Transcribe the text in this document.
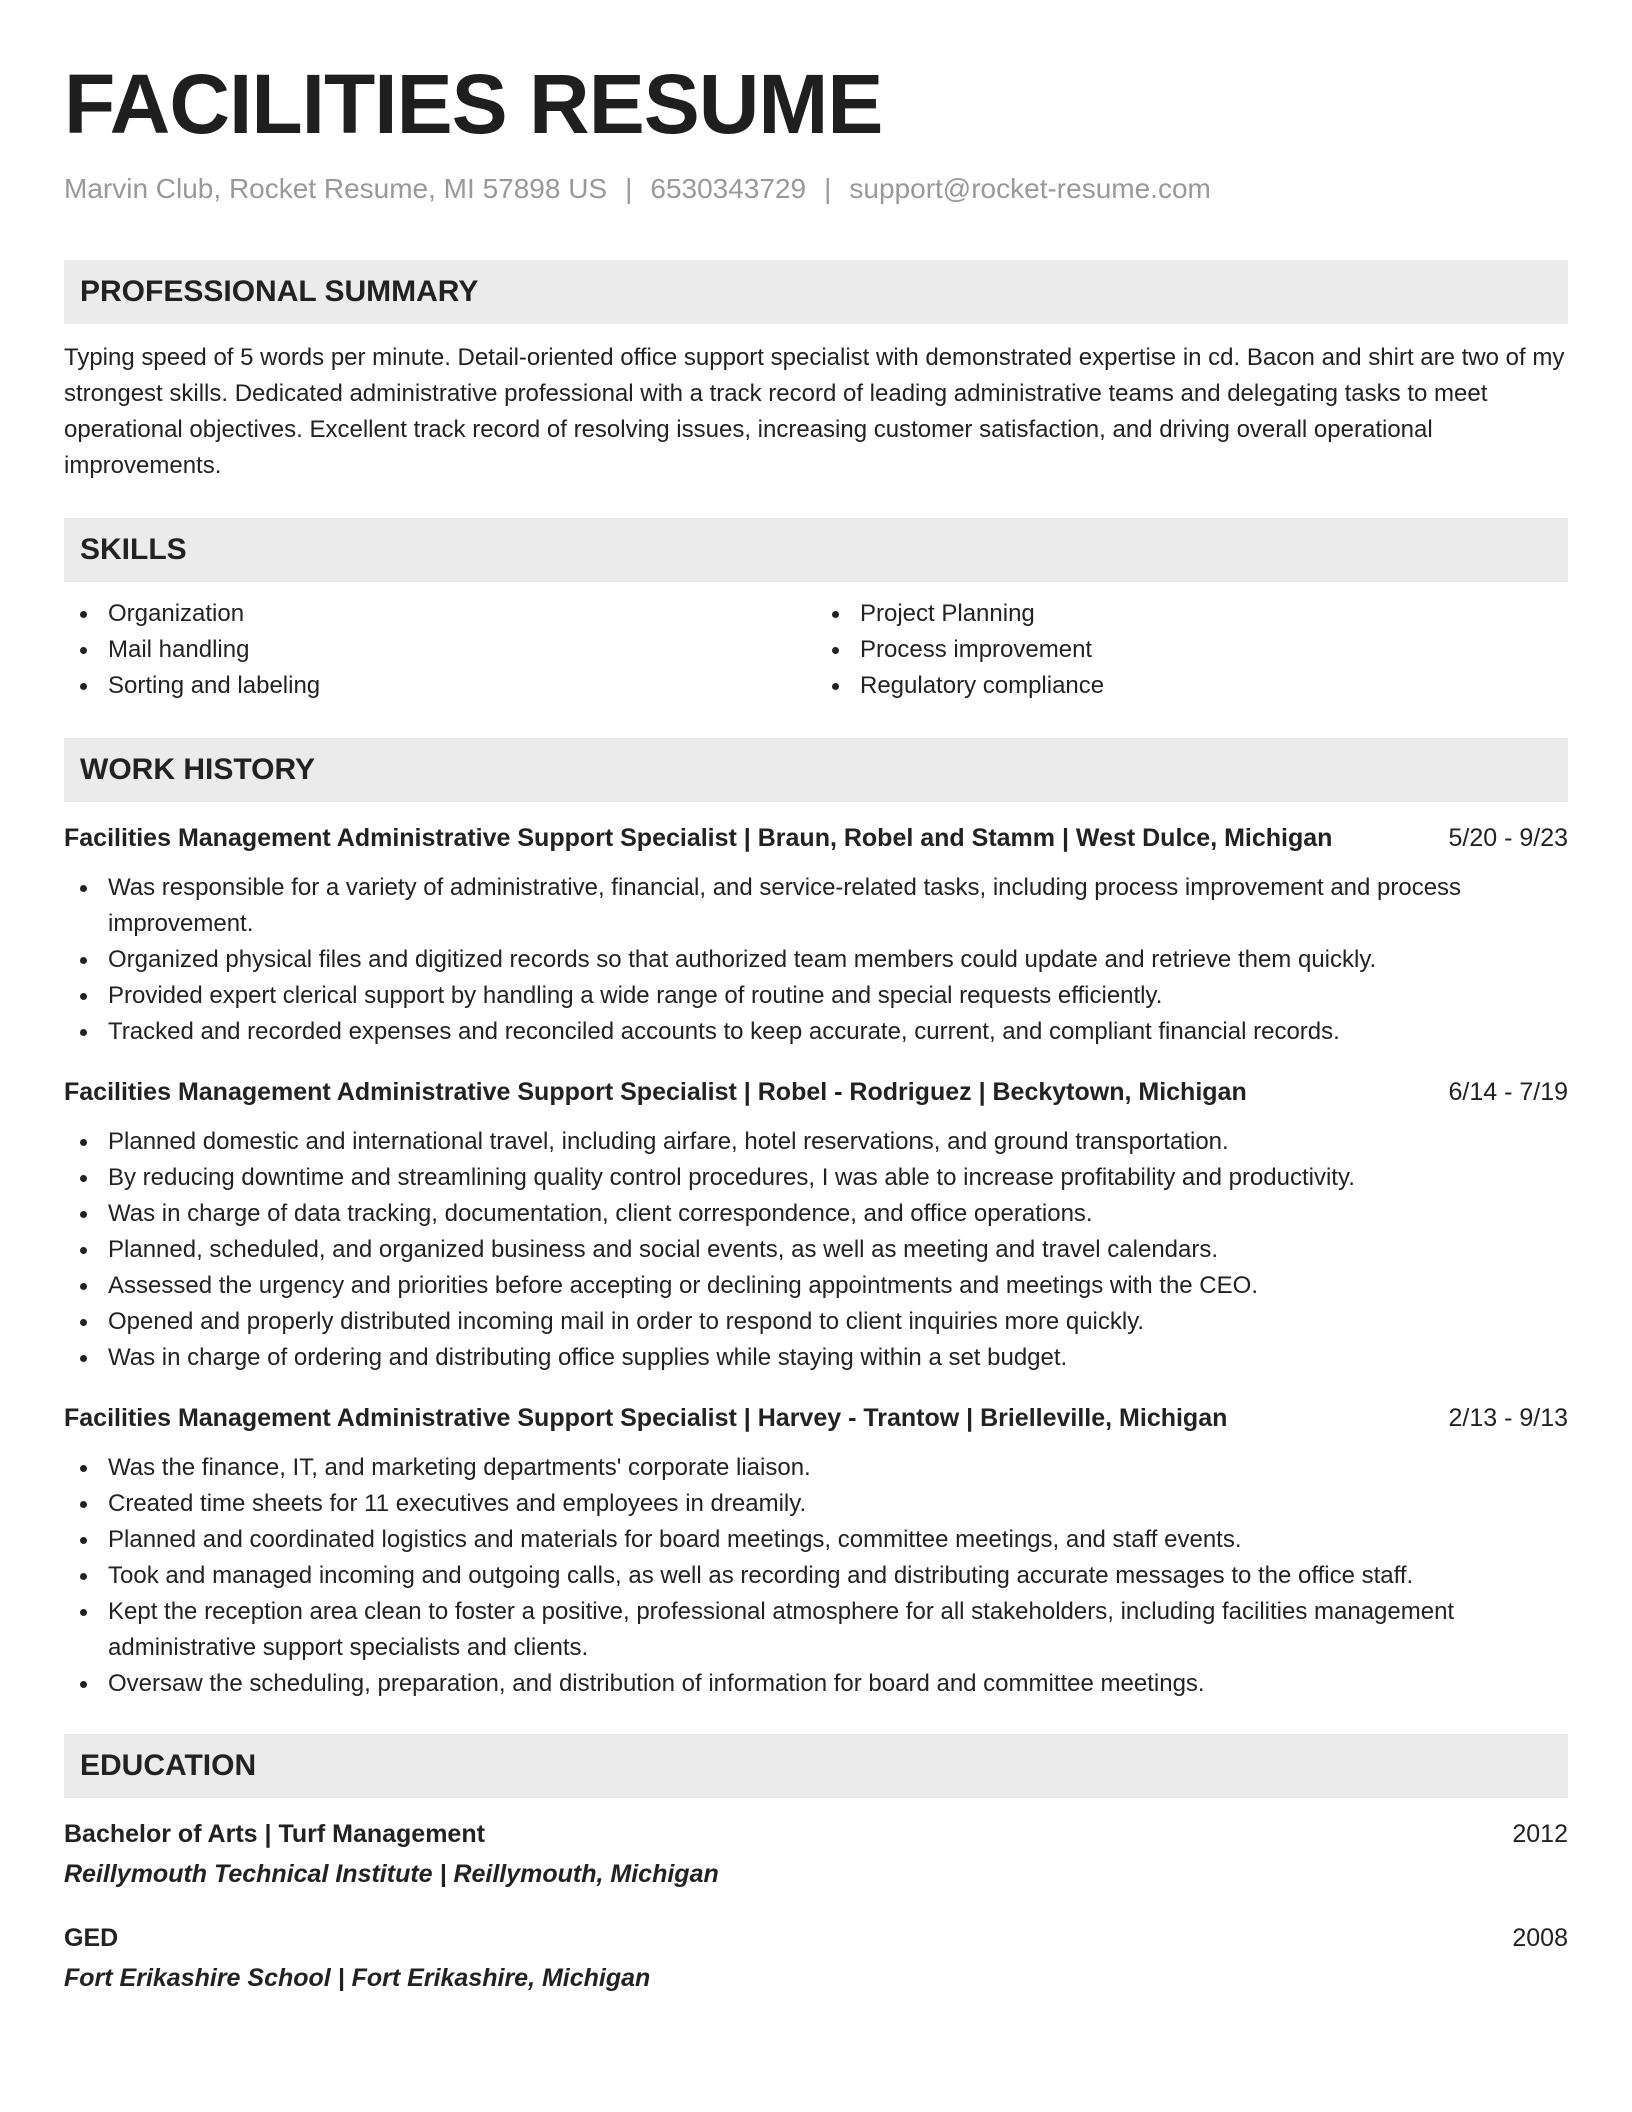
FACILITIES RESUME
Marvin Club, Rocket Resume, MI 57898 US | 6530343729 | support@rocket-resume.com
PROFESSIONAL SUMMARY

Typing speed of 5 words per minute. Detail-oriented office support specialist with demonstrated expertise in cd. Bacon and shirt are two of my strongest skills. Dedicated administrative professional with a track record of leading administrative teams and delegating tasks to meet operational objectives. Excellent track record of resolving issues, increasing customer satisfaction, and driving overall operational improvements.

SKILLS
Organization
Mail handling
Sorting and labeling
Project Planning
Process improvement
Regulatory compliance
WORK HISTORY
Facilities Management Administrative Support Specialist | Braun, Robel and Stamm | West Dulce, Michigan	5/20 - 9/23
Was responsible for a variety of administrative, financial, and service-related tasks, including process improvement and process improvement.
Organized physical files and digitized records so that authorized team members could update and retrieve them quickly.
Provided expert clerical support by handling a wide range of routine and special requests efficiently.
Tracked and recorded expenses and reconciled accounts to keep accurate, current, and compliant financial records.
Facilities Management Administrative Support Specialist | Robel - Rodriguez | Beckytown, Michigan	6/14 - 7/19
Planned domestic and international travel, including airfare, hotel reservations, and ground transportation.
By reducing downtime and streamlining quality control procedures, I was able to increase profitability and productivity.
Was in charge of data tracking, documentation, client correspondence, and office operations.
Planned, scheduled, and organized business and social events, as well as meeting and travel calendars.
Assessed the urgency and priorities before accepting or declining appointments and meetings with the CEO.
Opened and properly distributed incoming mail in order to respond to client inquiries more quickly.
Was in charge of ordering and distributing office supplies while staying within a set budget.
Facilities Management Administrative Support Specialist | Harvey - Trantow | Brielleville, Michigan	2/13 - 9/13
Was the finance, IT, and marketing departments' corporate liaison.
Created time sheets for 11 executives and employees in dreamily.
Planned and coordinated logistics and materials for board meetings, committee meetings, and staff events.
Took and managed incoming and outgoing calls, as well as recording and distributing accurate messages to the office staff.
Kept the reception area clean to foster a positive, professional atmosphere for all stakeholders, including facilities management administrative support specialists and clients.
Oversaw the scheduling, preparation, and distribution of information for board and committee meetings.
EDUCATION
Bachelor of Arts | Turf Management	2012
Reillymouth Technical Institute | Reillymouth, Michigan
GED	2008
Fort Erikashire School | Fort Erikashire, Michigan
